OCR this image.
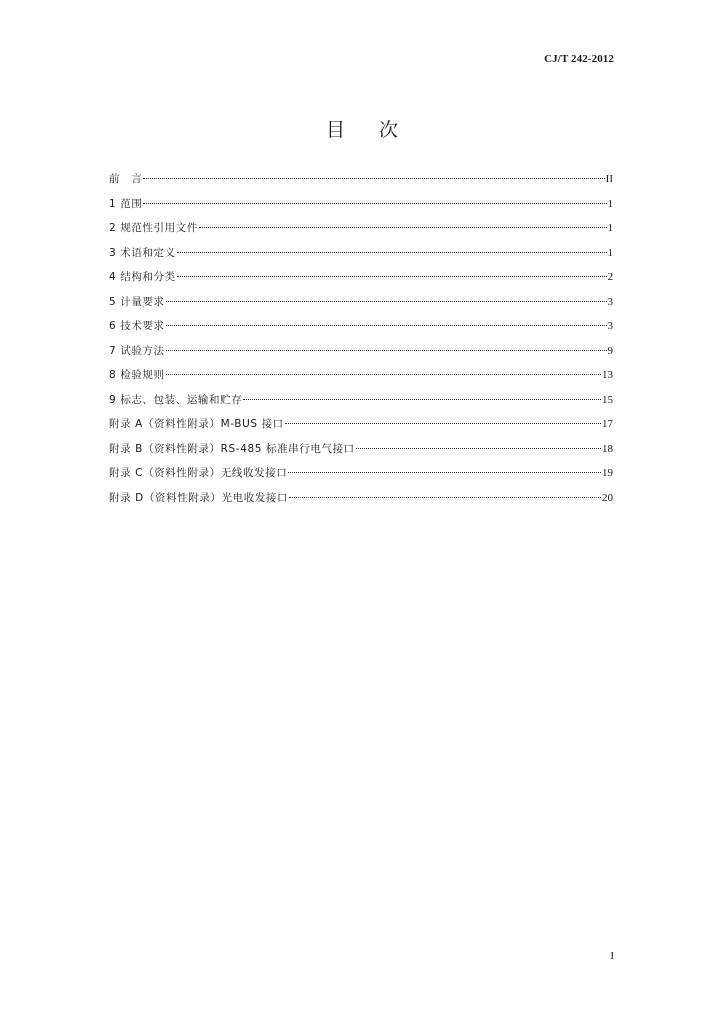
CJ/T 242-2012
目 次
前　言	II
1 范围	1
2 规范性引用文件	1
3 术语和定义	1
4 结构和分类	2
5 计量要求	3
6 技术要求	3
7 试验方法	9
8 检验规则	13
9 标志、包装、运输和贮存	15
附录 A（资料性附录）M-BUS 接口	17
附录 B（资料性附录）RS-485 标准串行电气接口	18
附录 C（资料性附录）无线收发接口	19
附录 D（资料性附录）光电收发接口	20
I
